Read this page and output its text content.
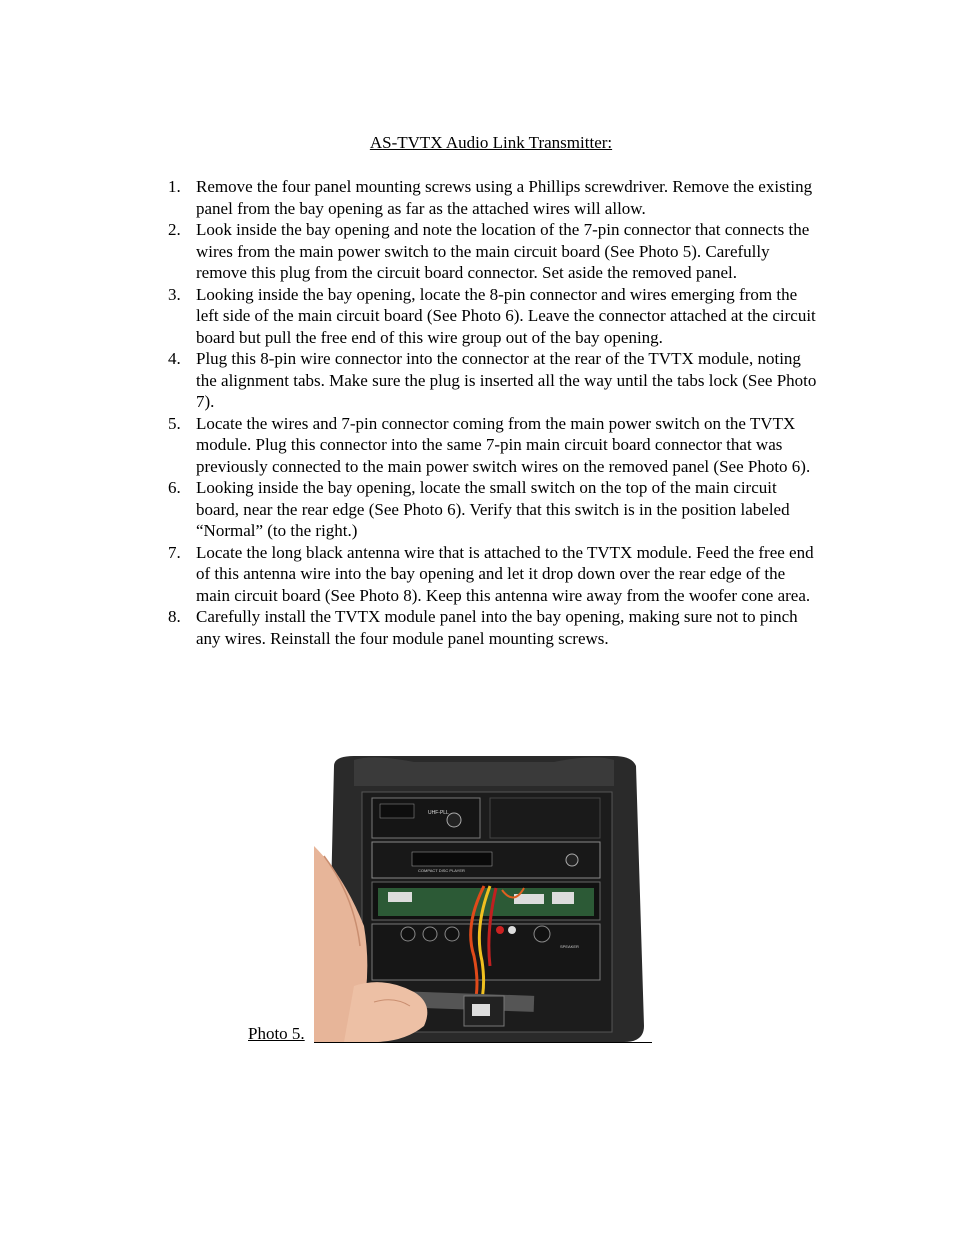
AS-TVTX Audio Link Transmitter:
1. Remove the four panel mounting screws using a Phillips screwdriver. Remove the existing panel from the bay opening as far as the attached wires will allow.
2. Look inside the bay opening and note the location of the 7-pin connector that connects the wires from the main power switch to the main circuit board (See Photo 5). Carefully remove this plug from the circuit board connector. Set aside the removed panel.
3. Looking inside the bay opening, locate the 8-pin connector and wires emerging from the left side of the main circuit board (See Photo 6). Leave the connector attached at the circuit board but pull the free end of this wire group out of the bay opening.
4. Plug this 8-pin wire connector into the connector at the rear of the TVTX module, noting the alignment tabs. Make sure the plug is inserted all the way until the tabs lock (See Photo 7).
5. Locate the wires and 7-pin connector coming from the main power switch on the TVTX module. Plug this connector into the same 7-pin main circuit board connector that was previously connected to the main power switch wires on the removed panel (See Photo 6).
6. Looking inside the bay opening, locate the small switch on the top of the main circuit board, near the rear edge (See Photo 6). Verify that this switch is in the position labeled “Normal” (to the right.)
7. Locate the long black antenna wire that is attached to the TVTX module. Feed the free end of this antenna wire into the bay opening and let it drop down over the rear edge of the main circuit board (See Photo 8). Keep this antenna wire away from the woofer cone area.
8. Carefully install the TVTX module panel into the bay opening, making sure not to pinch any wires. Reinstall the four module panel mounting screws.
UHF-PLL
COMPACT DISC PLAYER
SPEAKER
Photo 5.
